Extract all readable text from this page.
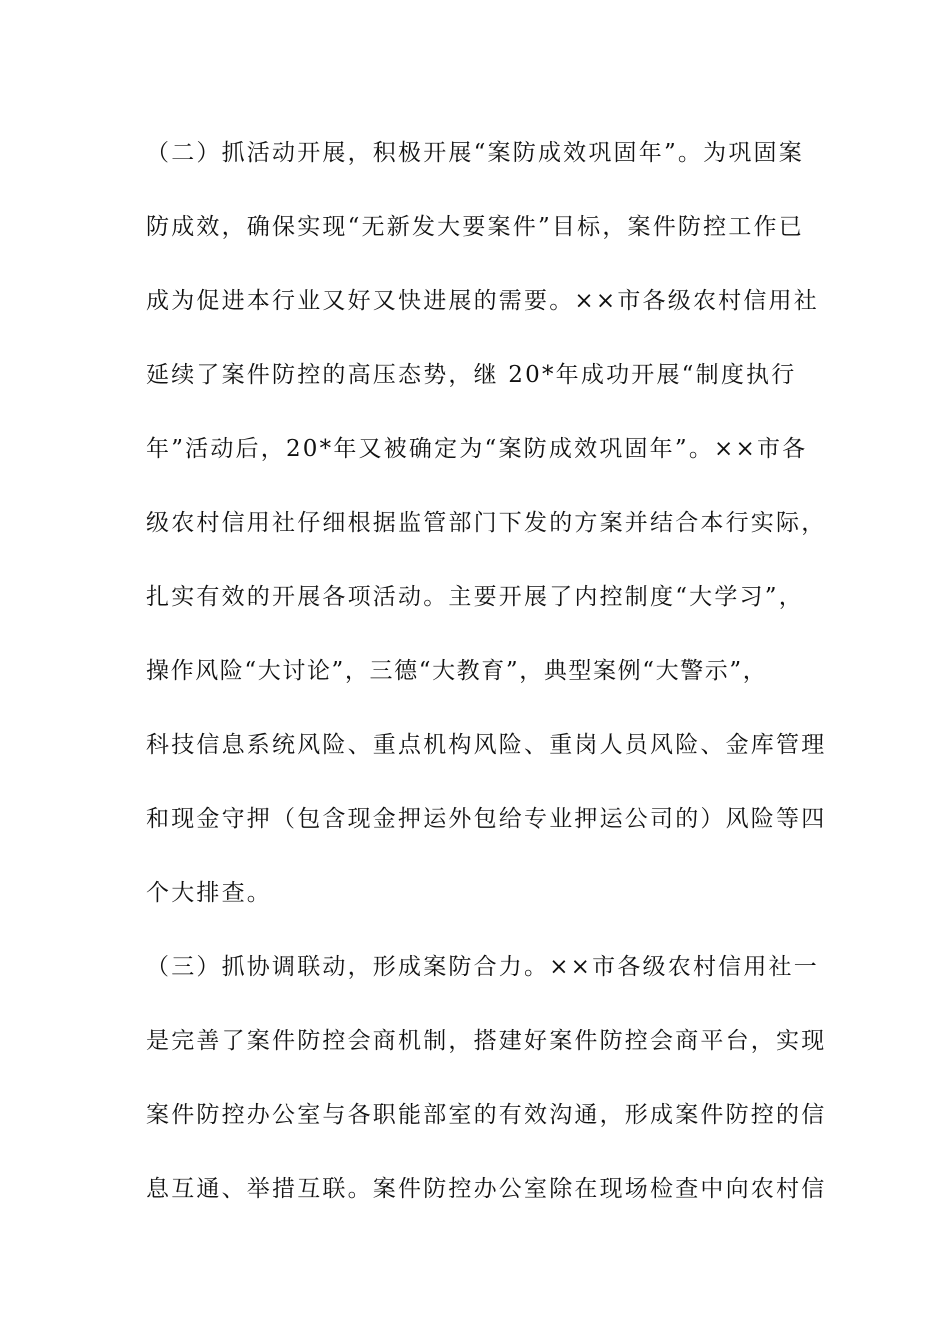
（二）抓活动开展，积极开展“案防成效巩固年”。为巩固案
防成效，确保实现“无新发大要案件”目标，案件防控工作已
成为促进本行业又好又快进展的需要。××市各级农村信用社
延续了案件防控的高压态势，继 20*年成功开展“制度执行
年”活动后，20*年又被确定为“案防成效巩固年”。××市各
级农村信用社仔细根据监管部门下发的方案并结合本行实际，
扎实有效的开展各项活动。主要开展了内控制度“大学习”，
操作风险“大讨论”，三德“大教育”，典型案例“大警示”，
科技信息系统风险、重点机构风险、重岗人员风险、金库管理
和现金守押（包含现金押运外包给专业押运公司的）风险等四
个大排查。
（三）抓协调联动，形成案防合力。××市各级农村信用社一
是完善了案件防控会商机制，搭建好案件防控会商平台，实现
案件防控办公室与各职能部室的有效沟通，形成案件防控的信
息互通、举措互联。案件防控办公室除在现场检查中向农村信
